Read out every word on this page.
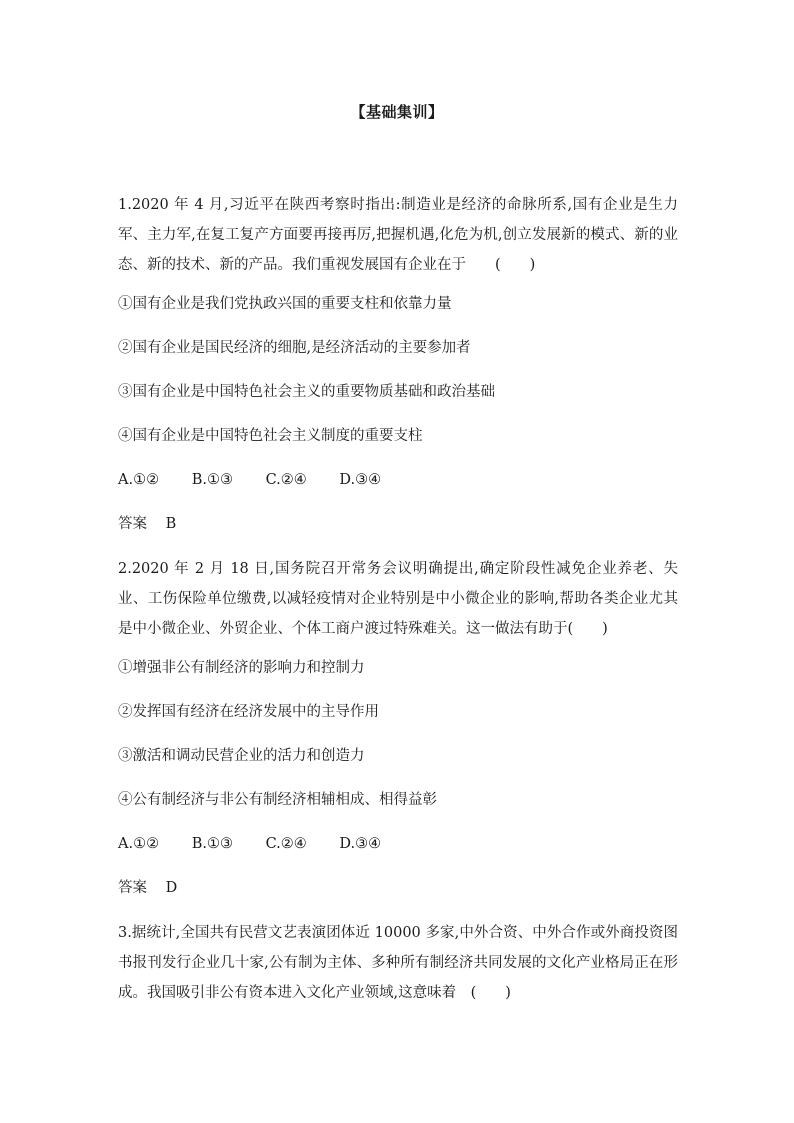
【基础集训】

1.2020 年 4 月,习近平在陕西考察时指出:制造业是经济的命脉所系,国有企业是生力军、主力军,在复工复产方面要再接再厉,把握机遇,化危为机,创立发展新的模式、新的业态、新的技术、新的产品。我们重视发展国有企业在于　　(　　)

①国有企业是我们党执政兴国的重要支柱和依靠力量

②国有企业是国民经济的细胞,是经济活动的主要参加者

③国有企业是中国特色社会主义的重要物质基础和政治基础

④国有企业是中国特色社会主义制度的重要支柱

A.①② B.①③ C.②④ D.③④

答案 B

2.2020 年 2 月 18 日,国务院召开常务会议明确提出,确定阶段性减免企业养老、失业、工伤保险单位缴费,以减轻疫情对企业特别是中小微企业的影响,帮助各类企业尤其是中小微企业、外贸企业、个体工商户渡过特殊难关。这一做法有助于(　　)

①增强非公有制经济的影响力和控制力

②发挥国有经济在经济发展中的主导作用

③激活和调动民营企业的活力和创造力

④公有制经济与非公有制经济相辅相成、相得益彰

A.①② B.①③ C.②④ D.③④

答案 D

3.据统计,全国共有民营文艺表演团体近 10000 多家,中外合资、中外合作或外商投资图书报刊发行企业几十家,公有制为主体、多种所有制经济共同发展的文化产业格局正在形成。我国吸引非公有资本进入文化产业领域,这意味着　(　　)
